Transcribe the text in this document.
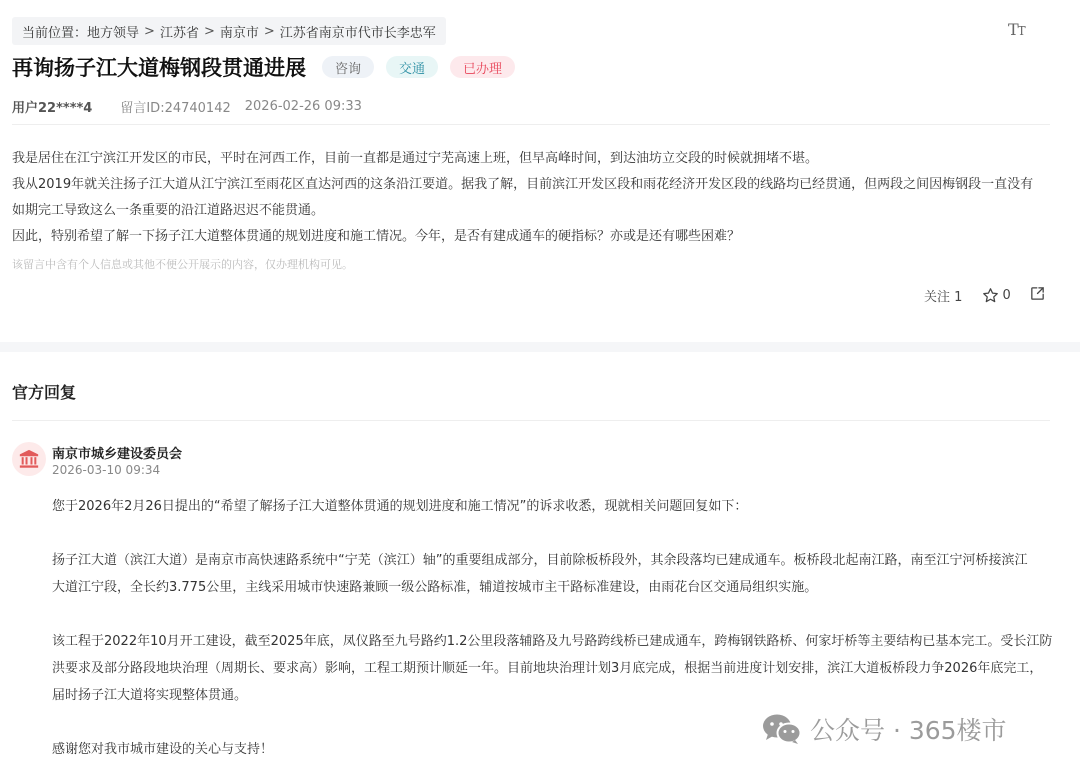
当前位置： 地方领导 > 江苏省 > 南京市 > 江苏省南京市代市长李忠军	TT
再询扬子江大道梅钢段贯通进展	咨询	交通	已办理
用户22****4 留言ID:24740142 2026-02-26 09:33

我是居住在江宁滨江开发区的市民，平时在河西工作，目前一直都是通过宁芜高速上班，但早高峰时间，到达油坊立交段的时候就拥堵不堪。

我从2019年就关注扬子江大道从江宁滨江至雨花区直达河西的这条沿江要道。据我了解，目前滨江开发区段和雨花经济开发区段的线路均已经贯通，但两段之间因梅钢段一直没有

如期完工导致这么一条重要的沿江道路迟迟不能贯通。

因此，特别希望了解一下扬子江大道整体贯通的规划进度和施工情况。今年，是否有建成通车的硬指标？亦或是还有哪些困难？

该留言中含有个人信息或其他不便公开展示的内容，仅办理机构可见。
关注 1	0
官方回复
南京市城乡建设委员会
2026-03-10 09:34

您于2026年2月26日提出的“希望了解扬子江大道整体贯通的规划进度和施工情况”的诉求收悉，现就相关问题回复如下：

扬子江大道（滨江大道）是南京市高快速路系统中“宁芜（滨江）轴”的重要组成部分，目前除板桥段外，其余段落均已建成通车。板桥段北起南江路，南至江宁河桥接滨江

大道江宁段，全长约3.775公里，主线采用城市快速路兼顾一级公路标准，辅道按城市主干路标准建设，由雨花台区交通局组织实施。

该工程于2022年10月开工建设，截至2025年底，凤仪路至九号路约1.2公里段落辅路及九号路跨线桥已建成通车，跨梅钢铁路桥、何家圩桥等主要结构已基本完工。受长江防

洪要求及部分路段地块治理（周期长、要求高）影响，工程工期预计顺延一年。目前地块治理计划3月底完成，根据当前进度计划安排，滨江大道板桥段力争2026年底完工，

届时扬子江大道将实现整体贯通。

感谢您对我市城市建设的关心与支持！

公众号 · 365楼市
